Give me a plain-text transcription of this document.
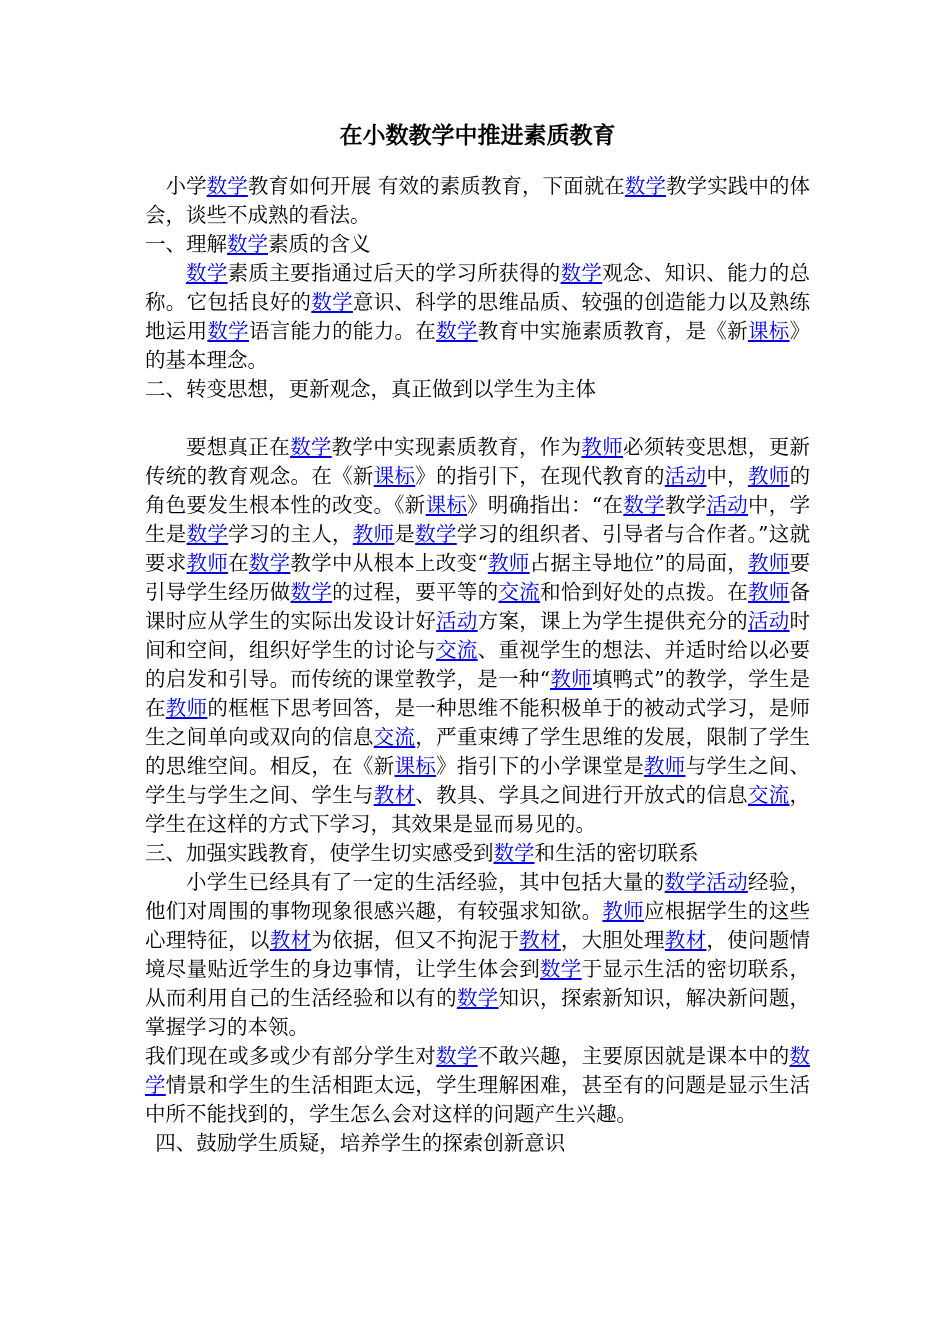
在小数教学中推进素质教育

小学数学教育如何开展 有效的素质教育，下面就在数学教学实践中的体会，谈些不成熟的看法。

一、理解数学素质的含义

数学素质主要指通过后天的学习所获得的数学观念、知识、能力的总称。它包括良好的数学意识、科学的思维品质、较强的创造能力以及熟练地运用数学语言能力的能力。在数学教育中实施素质教育，是《新课标》的基本理念。

二、转变思想，更新观念，真正做到以学生为主体

要想真正在数学教学中实现素质教育，作为教师必须转变思想，更新传统的教育观念。在《新课标》的指引下，在现代教育的活动中，教师的角色要发生根本性的改变。《新课标》明确指出：“在数学教学活动中，学生是数学学习的主人，教师是数学学习的组织者、引导者与合作者。”这就要求教师在数学教学中从根本上改变“教师占据主导地位”的局面，教师要引导学生经历做数学的过程，要平等的交流和恰到好处的点拨。在教师备课时应从学生的实际出发设计好活动方案，课上为学生提供充分的活动时间和空间，组织好学生的讨论与交流、重视学生的想法、并适时给以必要的启发和引导。而传统的课堂教学，是一种“教师填鸭式”的教学，学生是在教师的框框下思考回答，是一种思维不能积极单于的被动式学习，是师生之间单向或双向的信息交流，严重束缚了学生思维的发展，限制了学生的思维空间。相反，在《新课标》指引下的小学课堂是教师与学生之间、学生与学生之间、学生与教材、教具、学具之间进行开放式的信息交流，学生在这样的方式下学习，其效果是显而易见的。

三、加强实践教育，使学生切实感受到数学和生活的密切联系

小学生已经具有了一定的生活经验，其中包括大量的数学活动经验，他们对周围的事物现象很感兴趣，有较强求知欲。教师应根据学生的这些心理特征，以教材为依据，但又不拘泥于教材，大胆处理教材，使问题情境尽量贴近学生的身边事情，让学生体会到数学于显示生活的密切联系，从而利用自己的生活经验和以有的数学知识，探索新知识，解决新问题，掌握学习的本领。

我们现在或多或少有部分学生对数学不敢兴趣，主要原因就是课本中的数学情景和学生的生活相距太远，学生理解困难，甚至有的问题是显示生活中所不能找到的，学生怎么会对这样的问题产生兴趣。

四、鼓励学生质疑，培养学生的探索创新意识
